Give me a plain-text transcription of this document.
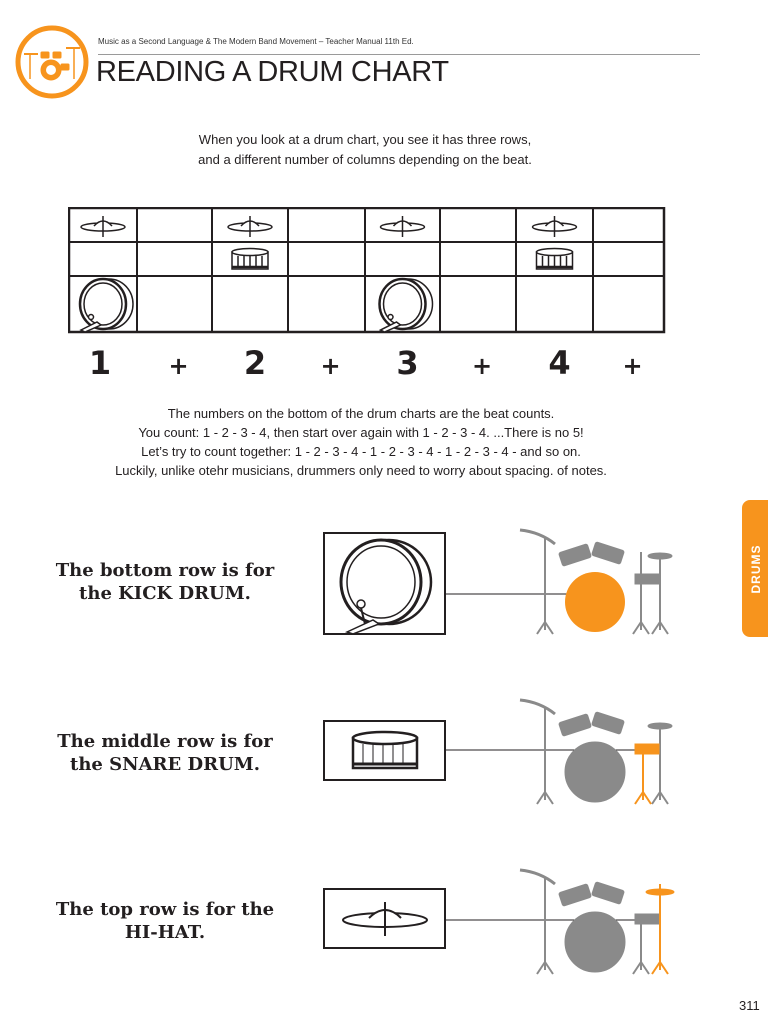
Music as a Second Language & The Modern Band Movement – Teacher Manual 11th Ed.
READING A DRUM CHART
When you look at a drum chart, you see it has three rows,
and a different number of columns depending on the beat.
1	+	2	+	3	+	4	+
The numbers on the bottom of the drum charts are the beat counts.
You count: 1 - 2 - 3 - 4, then start over again with 1 - 2 - 3 - 4. ...There is no 5!
Let’s try to count together: 1 - 2 - 3 - 4 - 1 - 2 - 3 - 4 - 1 - 2 - 3 - 4 - and so on.
Luckily, unlike otehr musicians, drummers only need to worry about spacing. of notes.
The bottom row is for
the KICK DRUM.
The middle row is for
the SNARE DRUM.
The top row is for the
HI-HAT.
DRUMS
311
